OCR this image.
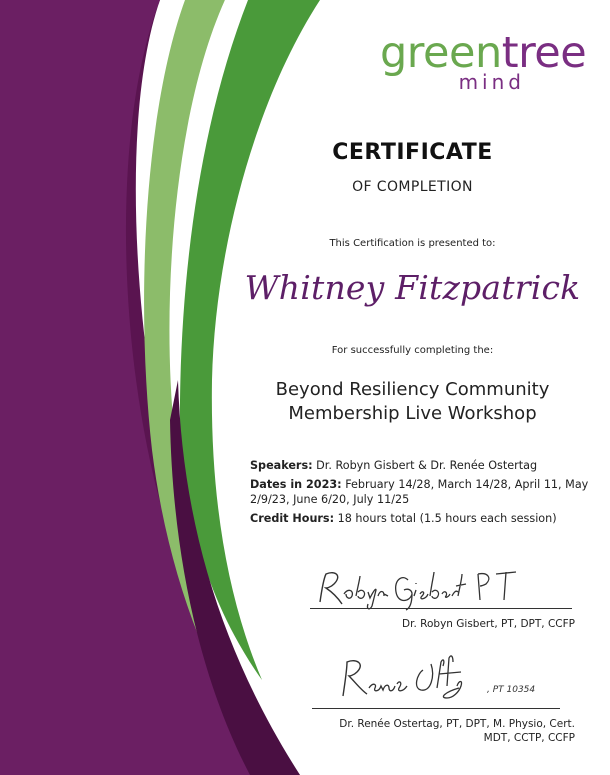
greentree
mind
CERTIFICATE
OF COMPLETION
This Certification is presented to:
Whitney Fitzpatrick
For successfully completing the:
Beyond Resiliency Community
Membership Live Workshop
Speakers: Dr. Robyn Gisbert & Dr. Renée Ostertag
Dates in 2023: February 14/28, March 14/28, April 11, May 2/9/23, June 6/20, July 11/25
Credit Hours: 18 hours total (1.5 hours each session)
Dr. Robyn Gisbert, PT, DPT, CCFP
, PT 10354
Dr. Renée Ostertag, PT, DPT, M. Physio, Cert.
MDT, CCTP, CCFP
